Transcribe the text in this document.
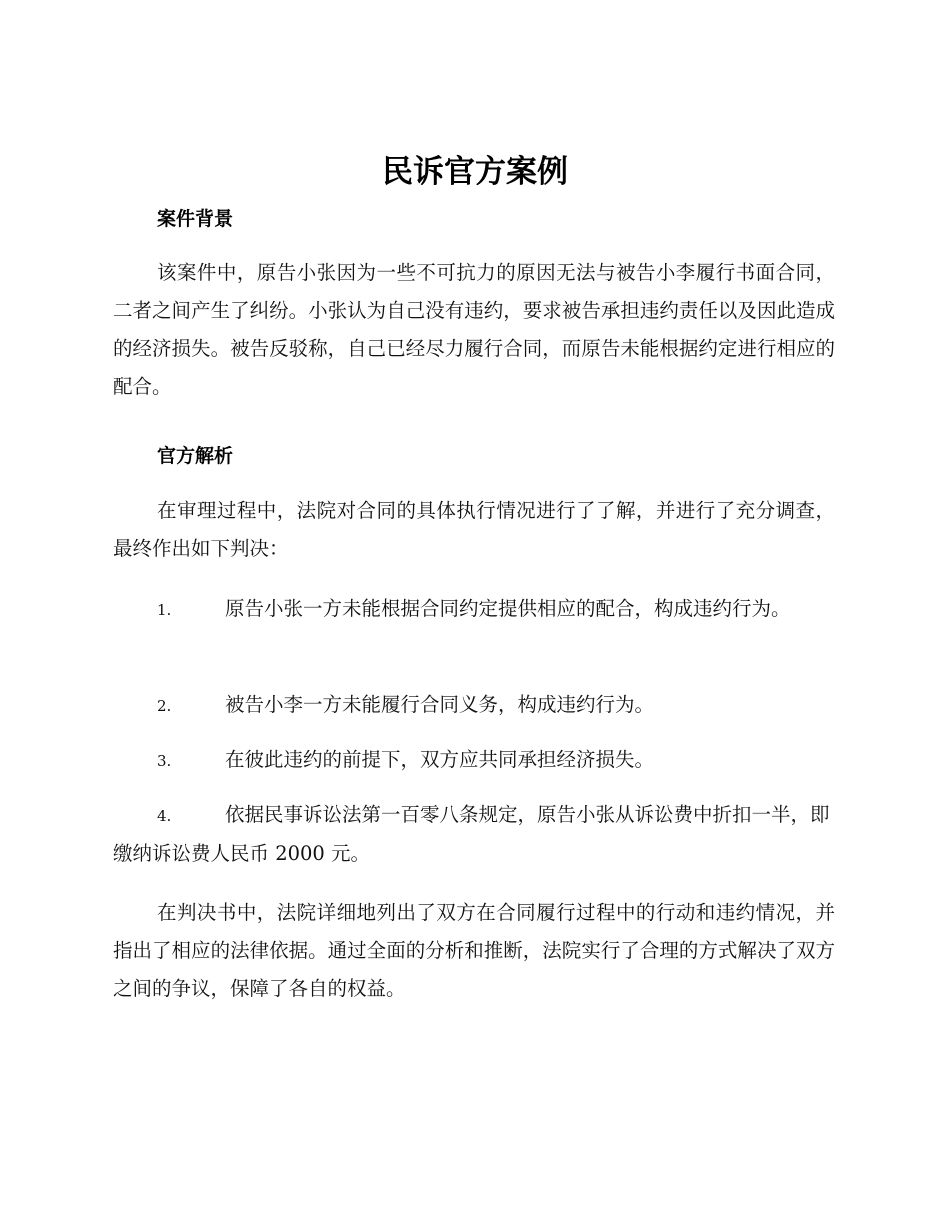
民诉官方案例
案件背景

该案件中，原告小张因为一些不可抗力的原因无法与被告小李履行书面合同，二者之间产生了纠纷。小张认为自己没有违约，要求被告承担违约责任以及因此造成的经济损失。被告反驳称，自己已经尽力履行合同，而原告未能根据约定进行相应的配合。

官方解析

在审理过程中，法院对合同的具体执行情况进行了了解，并进行了充分调查，最终作出如下判决：

1.	原告小张一方未能根据合同约定提供相应的配合，构成违约行为。
2.	被告小李一方未能履行合同义务，构成违约行为。
3.	在彼此违约的前提下，双方应共同承担经济损失。
4.	依据民事诉讼法第一百零八条规定，原告小张从诉讼费中折扣一半，即缴纳诉讼费人民币 2000 元。

在判决书中，法院详细地列出了双方在合同履行过程中的行动和违约情况，并指出了相应的法律依据。通过全面的分析和推断，法院实行了合理的方式解决了双方之间的争议，保障了各自的权益。
